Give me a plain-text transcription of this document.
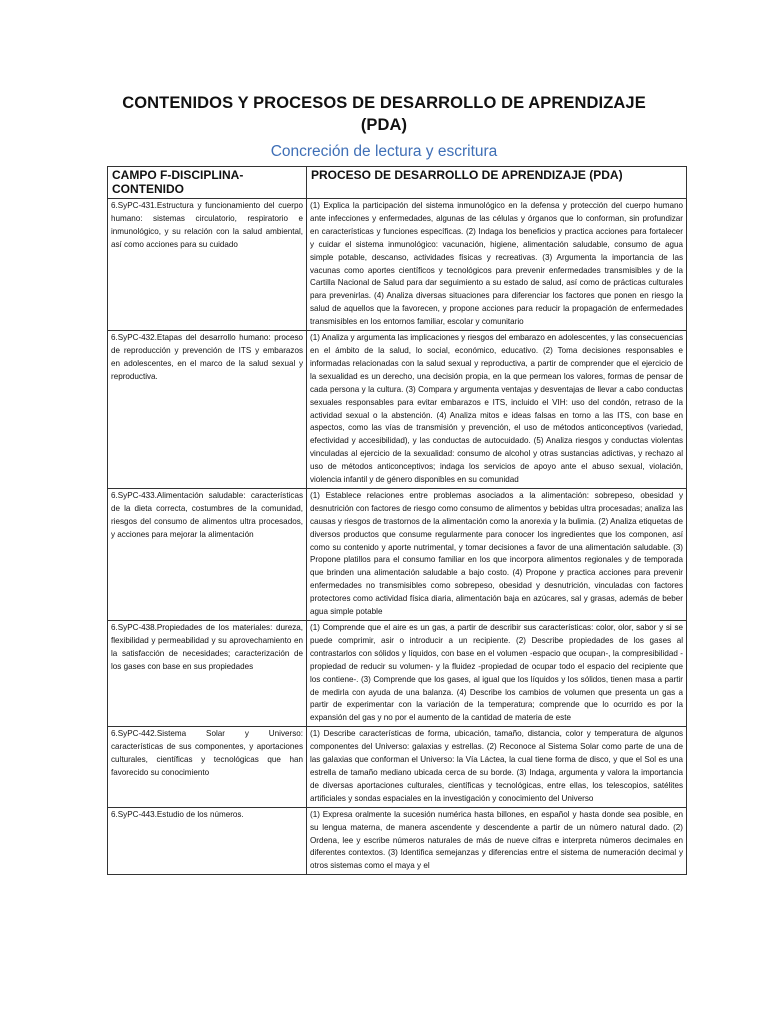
CONTENIDOS Y PROCESOS DE DESARROLLO DE APRENDIZAJE (PDA)
Concreción de lectura y escritura
CAMPO F-DISCIPLINA-CONTENIDO	PROCESO DE DESARROLLO DE APRENDIZAJE (PDA)
6.SyPC-431.Estructura y funcionamiento del cuerpo humano: sistemas circulatorio, respiratorio e inmunológico, y su relación con la salud ambiental, así como acciones para su cuidado	(1) Explica la participación del sistema inmunológico en la defensa y protección del cuerpo humano ante infecciones y enfermedades, algunas de las células y órganos que lo conforman, sin profundizar en características y funciones específicas. (2) Indaga los beneficios y practica acciones para fortalecer y cuidar el sistema inmunológico: vacunación, higiene, alimentación saludable, consumo de agua simple potable, descanso, actividades físicas y recreativas. (3) Argumenta la importancia de las vacunas como aportes científicos y tecnológicos para prevenir enfermedades transmisibles y de la Cartilla Nacional de Salud para dar seguimiento a su estado de salud, así como de prácticas culturales para prevenirlas. (4) Analiza diversas situaciones para diferenciar los factores que ponen en riesgo la salud de aquellos que la favorecen, y propone acciones para reducir la propagación de enfermedades transmisibles en los entornos familiar, escolar y comunitario
6.SyPC-432.Etapas del desarrollo humano: proceso de reproducción y prevención de ITS y embarazos en adolescentes, en el marco de la salud sexual y reproductiva.	(1) Analiza y argumenta las implicaciones y riesgos del embarazo en adolescentes, y las consecuencias en el ámbito de la salud, lo social, económico, educativo. (2) Toma decisiones responsables e informadas relacionadas con la salud sexual y reproductiva, a partir de comprender que el ejercicio de la sexualidad es un derecho, una decisión propia, en la que permean los valores, formas de pensar de cada persona y la cultura. (3) Compara y argumenta ventajas y desventajas de llevar a cabo conductas sexuales responsables para evitar embarazos e ITS, incluido el VIH: uso del condón, retraso de la actividad sexual o la abstención. (4) Analiza mitos e ideas falsas en torno a las ITS, con base en aspectos, como las vías de transmisión y prevención, el uso de métodos anticonceptivos (variedad, efectividad y accesibilidad), y las conductas de autocuidado. (5) Analiza riesgos y conductas violentas vinculadas al ejercicio de la sexualidad: consumo de alcohol y otras sustancias adictivas, y rechazo al uso de métodos anticonceptivos; indaga los servicios de apoyo ante el abuso sexual, violación, violencia infantil y de género disponibles en su comunidad
6.SyPC-433.Alimentación saludable: características de la dieta correcta, costumbres de la comunidad, riesgos del consumo de alimentos ultra procesados, y acciones para mejorar la alimentación	(1) Establece relaciones entre problemas asociados a la alimentación: sobrepeso, obesidad y desnutrición con factores de riesgo como consumo de alimentos y bebidas ultra procesadas; analiza las causas y riesgos de trastornos de la alimentación como la anorexia y la bulimia. (2) Analiza etiquetas de diversos productos que consume regularmente para conocer los ingredientes que los componen, así como su contenido y aporte nutrimental, y tomar decisiones a favor de una alimentación saludable. (3) Propone platillos para el consumo familiar en los que incorpora alimentos regionales y de temporada que brinden una alimentación saludable a bajo costo. (4) Propone y practica acciones para prevenir enfermedades no transmisibles como sobrepeso, obesidad y desnutrición, vinculadas con factores protectores como actividad física diaria, alimentación baja en azúcares, sal y grasas, además de beber agua simple potable
6.SyPC-438.Propiedades de los materiales: dureza, flexibilidad y permeabilidad y su aprovechamiento en la satisfacción de necesidades; caracterización de los gases con base en sus propiedades	(1) Comprende que el aire es un gas, a partir de describir sus características: color, olor, sabor y si se puede comprimir, asir o introducir a un recipiente. (2) Describe propiedades de los gases al contrastarlos con sólidos y líquidos, con base en el volumen -espacio que ocupan-, la compresibilidad -propiedad de reducir su volumen- y la fluidez -propiedad de ocupar todo el espacio del recipiente que los contiene-. (3) Comprende que los gases, al igual que los líquidos y los sólidos, tienen masa a partir de medirla con ayuda de una balanza. (4) Describe los cambios de volumen que presenta un gas a partir de experimentar con la variación de la temperatura; comprende que lo ocurrido es por la expansión del gas y no por el aumento de la cantidad de materia de este
6.SyPC-442.Sistema Solar y Universo: características de sus componentes, y aportaciones culturales, científicas y tecnológicas que han favorecido su conocimiento	(1) Describe características de forma, ubicación, tamaño, distancia, color y temperatura de algunos componentes del Universo: galaxias y estrellas. (2) Reconoce al Sistema Solar como parte de una de las galaxias que conforman el Universo: la Vía Láctea, la cual tiene forma de disco, y que el Sol es una estrella de tamaño mediano ubicada cerca de su borde. (3) Indaga, argumenta y valora la importancia de diversas aportaciones culturales, científicas y tecnológicas, entre ellas, los telescopios, satélites artificiales y sondas espaciales en la investigación y conocimiento del Universo
6.SyPC-443.Estudio de los números.	(1) Expresa oralmente la sucesión numérica hasta billones, en español y hasta donde sea posible, en su lengua materna, de manera ascendente y descendente a partir de un número natural dado. (2) Ordena, lee y escribe números naturales de más de nueve cifras e interpreta números decimales en diferentes contextos. (3) Identifica semejanzas y diferencias entre el sistema de numeración decimal y otros sistemas como el maya y el
